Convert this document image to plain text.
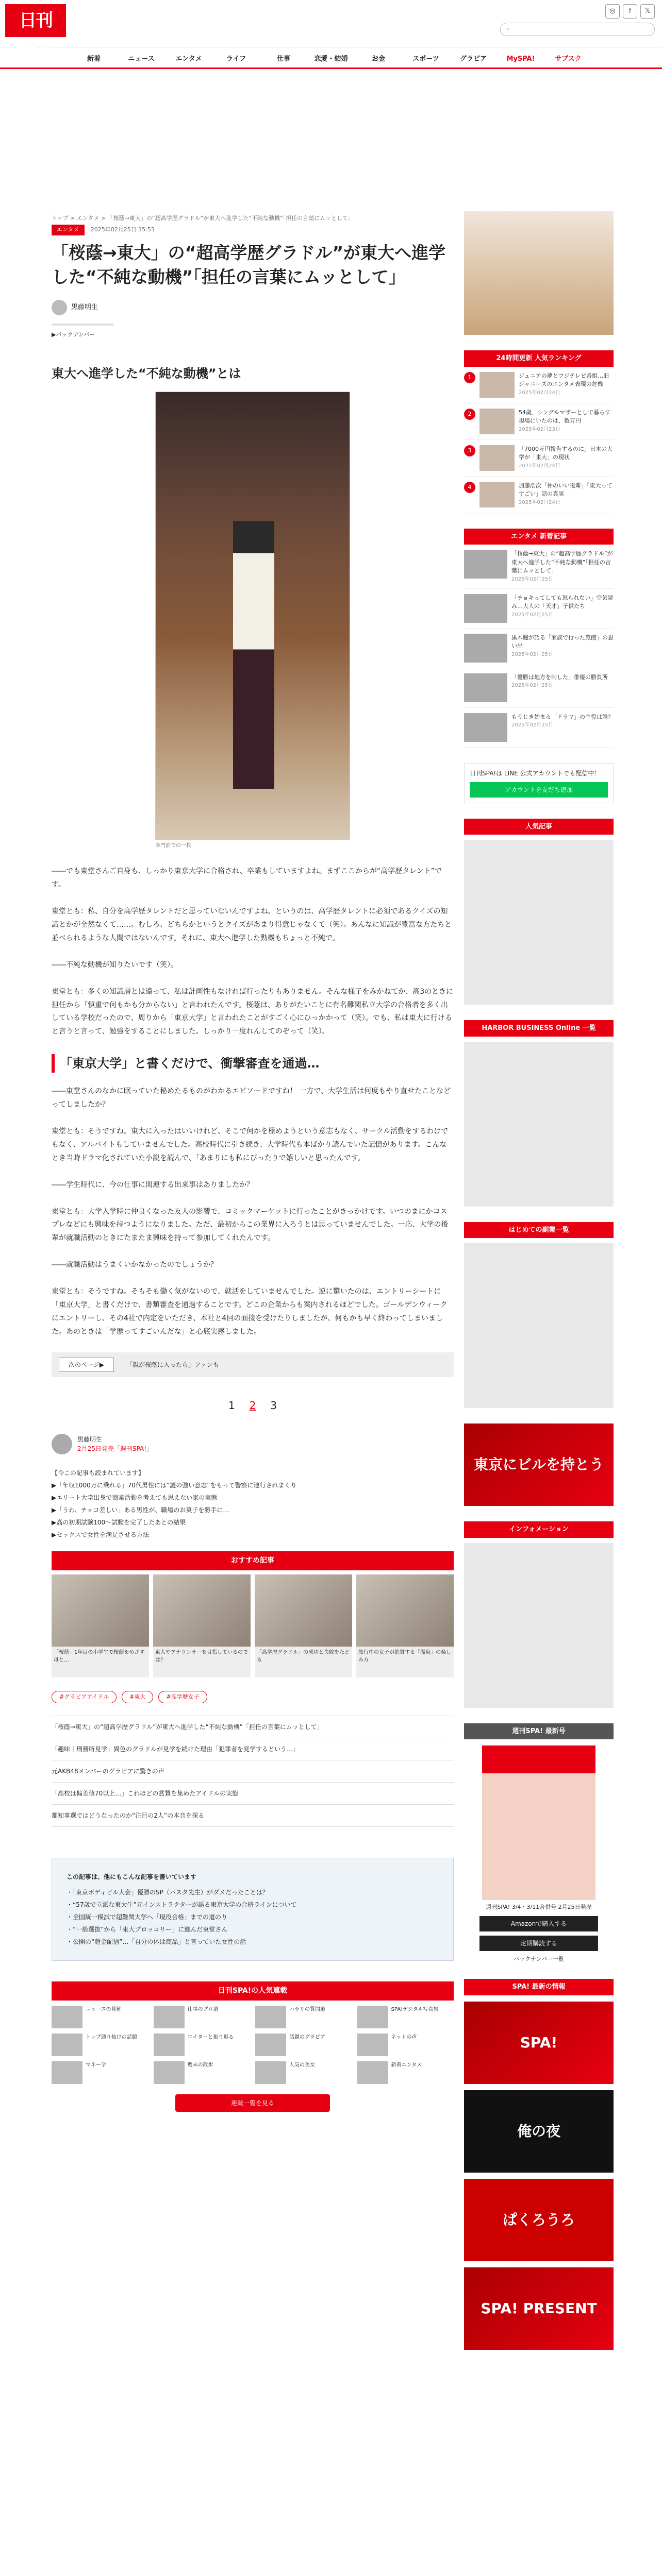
日刊SPA!
◎	f	𝕏
⌕
新着	ニュース	エンタメ	ライフ	仕事	恋愛・結婚	お金	スポーツ	グラビア	MySPA!	サブスク
トップ > エンタメ > 「桜蔭→東大」の“超高学歴グラドル”が東大へ進学した“不純な動機”「担任の言葉にムッとして」
エンタメ 2025年02月25日 15:53
「桜蔭→東大」の“超高学歴グラドル”が東大へ進学した“不純な動機”「担任の言葉にムッとして」
黒藤明生
▶バックナンバー
東大へ進学した“不純な動機”とは
赤門前での一枚

――でも東堂さんご自身も、しっかり東京大学に合格され、卒業もしていますよね。まずここからが“高学歴タレント”です。

東堂とも：私、自分を高学歴タレントだと思っていないんですよね。というのは、高学歴タレントに必須であるクイズの知識とかが全然なくて……。むしろ、どちらかというとクイズがあまり得意じゃなくて（笑）。あんなに知識が豊富な方たちと並べられるような人間ではないんです。それに、東大へ進学した動機もちょっと不純で。

――不純な動機が知りたいです（笑）。

東堂とも：多くの知識層とは違って、私は計画性もなければ行ったりもありません。そんな様子をみかねてか、高3のときに担任から「慎重で何もかも分からない」と言われたんです。桜蔭は、ありがたいことに有名難関私立大学の合格者を多く出している学校だったので、周りから「東京大学」と言われたことがすごく心にひっかかって（笑）。でも、私は東大に行けると言うと言って、勉強をすることにしました。しっかり一度れんしてのぞって（笑）。

「東京大学」と書くだけで、衝撃審査を通過…

――東堂さんのなかに眠っていた秘めたるものがわかるエピソードですね！ 一方で、大学生活は何度もやり直せたことなどってしましたか？

東堂とも：そうですね。東大に入ったはいいけれど、そこで何かを極めようという意志もなく、サークル活動をするわけでもなく、アルバイトもしていませんでした。高校時代に引き続き、大学時代も本ばかり読んでいた記憶があります。こんなとき当時ドラマ化されていた小説を読んで、「あまりにも私にぴったりで嬉しいと思ったんです。

――学生時代に、今の仕事に関連する出来事はありましたか？

東堂とも：大学入学時に仲良くなった友人の影響で、コミックマーケットに行ったことがきっかけです。いつのまにかコスプレなどにも興味を持つようになりました。ただ、最初からこの業界に入ろうとは思っていませんでした。一応、大学の後輩が就職活動のときにたまたま興味を持って参加してくれたんです。

――就職活動はうまくいかなかったのでしょうか？

東堂とも：そうですね。そもそも働く気がないので、就活をしていませんでした。逆に驚いたのは、エントリーシートに「東京大学」と書くだけで、書類審査を通過することです。どこの企業からも案内されるほどでした。ゴールデンウィークにエントリーし、その4社で内定をいただき、本社と4回の面接を受けたりしましたが、何もかも早く終わってしまいました。あのときは「学歴ってすごいんだな」と心底実感しました。

次のページ▶	「親が桜蔭に入ったら」ファンも
1 2 3
黒藤明生
2月25日発売「週刊SPA!」

【今この記事も読まれています】

▶「年収1000万に乗れる」70代男性には“謎の強い意志”をもって警察に連行されまくり

▶エリート大学出身で商業活動を考えても思えない家の実態

▶「うわ、チョコ差しい」ある男性が、職場のお菓子を勝手に…

▶高の初期試験100～試験を完了したあとの結果

▶セックスで女性を満足させる方法

おすすめ記事
「桜蔭」1年目の小学生で桜蔭をめざす母と…
東大やアナウンサーを目指しているのでは？
「高学歴グラドル」の成功と失敗をたどる
旅行中の女子が絶賛する「温泉」の楽しみ方
#グラビアアイドル	#東大	#高学歴女子

「桜蔭→東大」の“超高学歴グラドル”が東大へ進学した“不純な動機”「担任の言葉にムッとして」

「趣味｜刑務所見学」異色のグラドルが見学を続けた理由「犯罪者を見学するという…」

元AKB48メンバーのグラビアに驚きの声

「高校は偏差値70以上…」これほどの賞賛を集めたアイドルの実態

都知事選ではどうなったのか“注目の2人”の本音を探る

この記事は、他にもこんな記事を書いています
・「東京ボディビル大会」優勝のSP（パスタ先生）がダメだったことは？
・“57歳で立派な東大生”元インストラクターが語る東京大学の合格ラインについて
・全国統一模試で超難関大学へ「現役合格」までの道のり
・“一般選抜”から「東大ブロッコリー」に進んだ東堂さん
・公開の“超金配信”…「自分の体は商品」と言っていた女性の話
日刊SPA!の人気連載
ニュースの見解	仕事のプロ道	ハラリの質問道	SPA!デジタル写真集
トップ通り抜けの話題	ロイターと振り返る	話題のグラビア	ネットの声
マネー学	週末の散歩	人気の美女	新着エンタメ
連載一覧を見る
24時間更新 人気ランキング
1	ジュニアの夢とフジテレビ番組…旧ジャニーズのエンタメ表現の危機
2025年02月24日
2	54歳、シングルマザーとして暮らす現場にいたのは、数万円
2025年02月23日
3	「7000万円報告するのに」日本の大学が「東大」の現状
2025年02月24日
4	加藤浩次「仲のいい後輩」「東大ってすごい」話の真実
2025年02月24日
エンタメ 新着記事
「桜蔭→東大」の“超高学歴グラドル”が東大へ進学した“不純な動機”「担任の言葉にムッとして」
2025年02月25日
「チョキってしても怒られない」空気読み…大人の「天才」子供たち
2025年02月25日
黒木瞳が語る「家族で行った旅館」の思い出
2025年02月25日
「優勝は地方を制した」俳優の勝負所
2025年02月25日
もうじき始まる「ドラマ」の主役は誰？
2025年02月25日
日刊SPA!は LINE 公式アカウントでも配信中！
アカウントを友だち追加
人気記事
HARBOR BUSINESS Online 一覧
はじめての副業一覧
東京にビルを持とう
インフォメーション
週刊SPA! 最新号
週刊SPA! 3/4・3/11合併号 2月25日発売
Amazonで購入する
定期購読する
バックナンバー一覧
SPA! 最新の情報
SPA!
俺の夜
ぱくろうろ
SPA! PRESENT
